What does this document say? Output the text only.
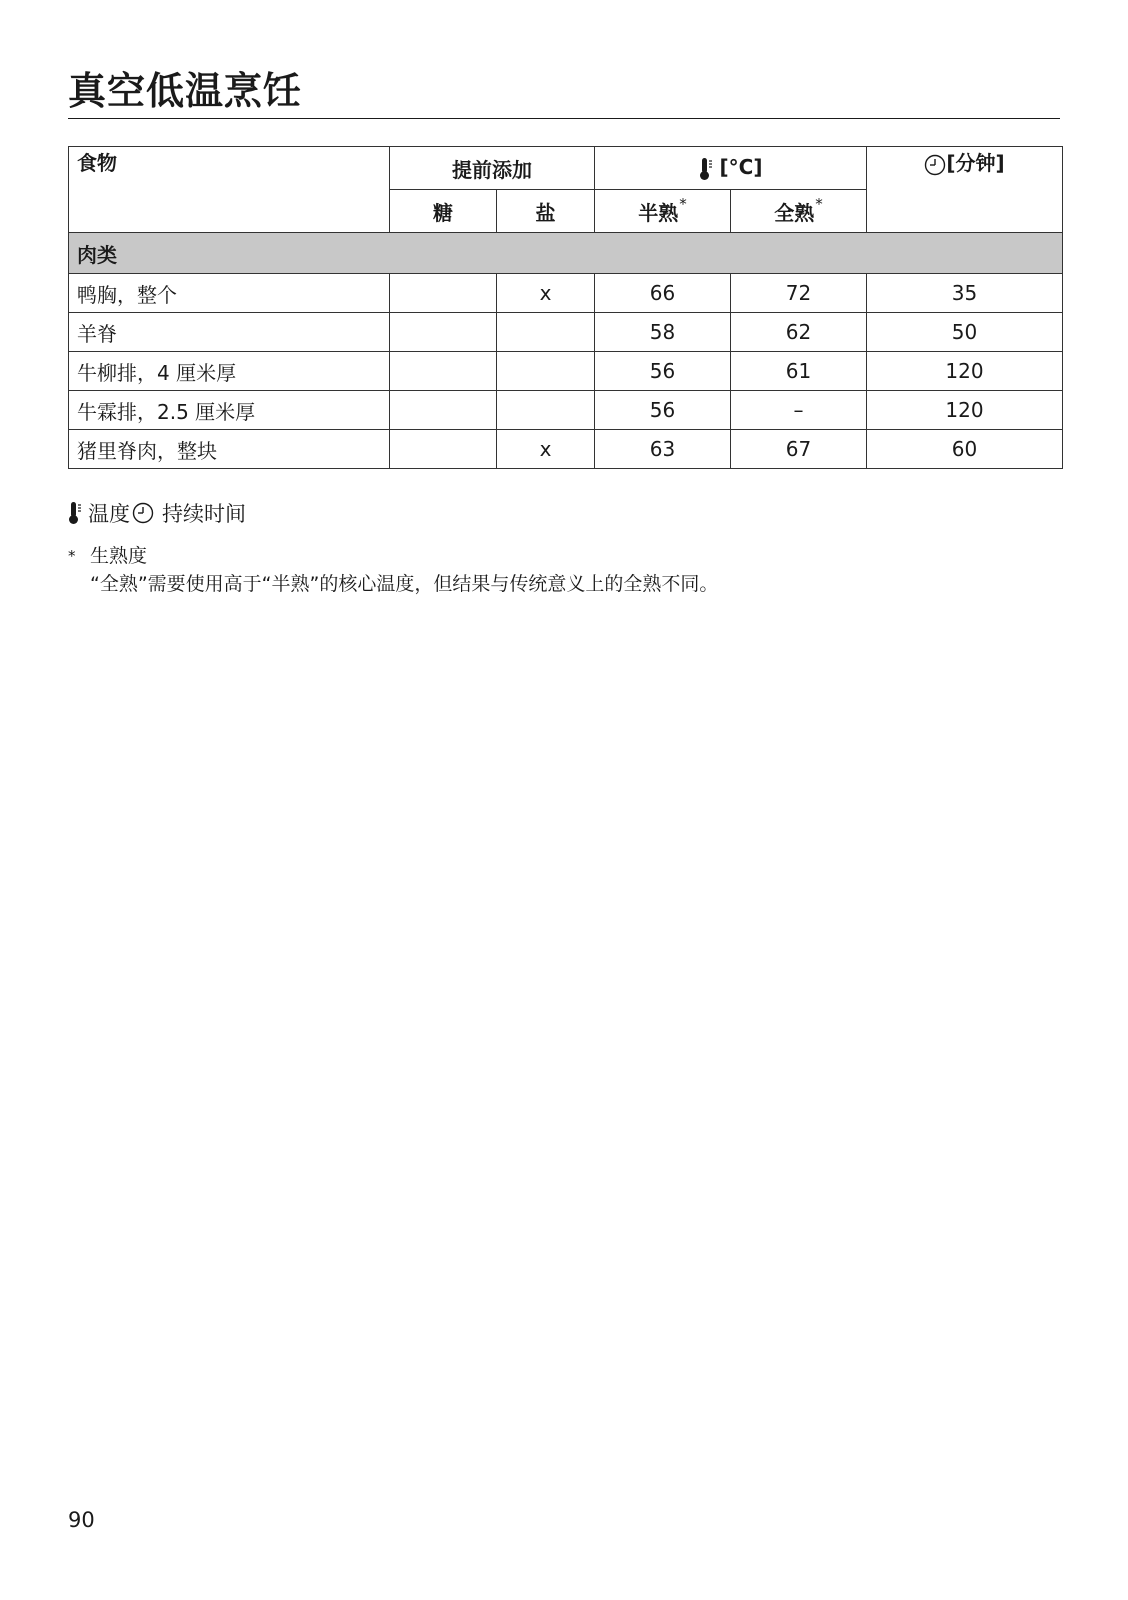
真空低温烹饪
食物	提前添加		[°C]		[分钟]
	糖	盐	半熟*	全熟*
肉类					
鸭胸，整个		x	66	72	35
羊脊			58	62	50
牛柳排，4 厘米厚			56	61	120
牛霖排，2.5 厘米厚			56	–	120
猪里脊肉，整块		x	63	67	60
温度 持续时间
* 生熟度
“全熟”需要使用高于“半熟”的核心温度，但结果与传统意义上的全熟不同。
90
